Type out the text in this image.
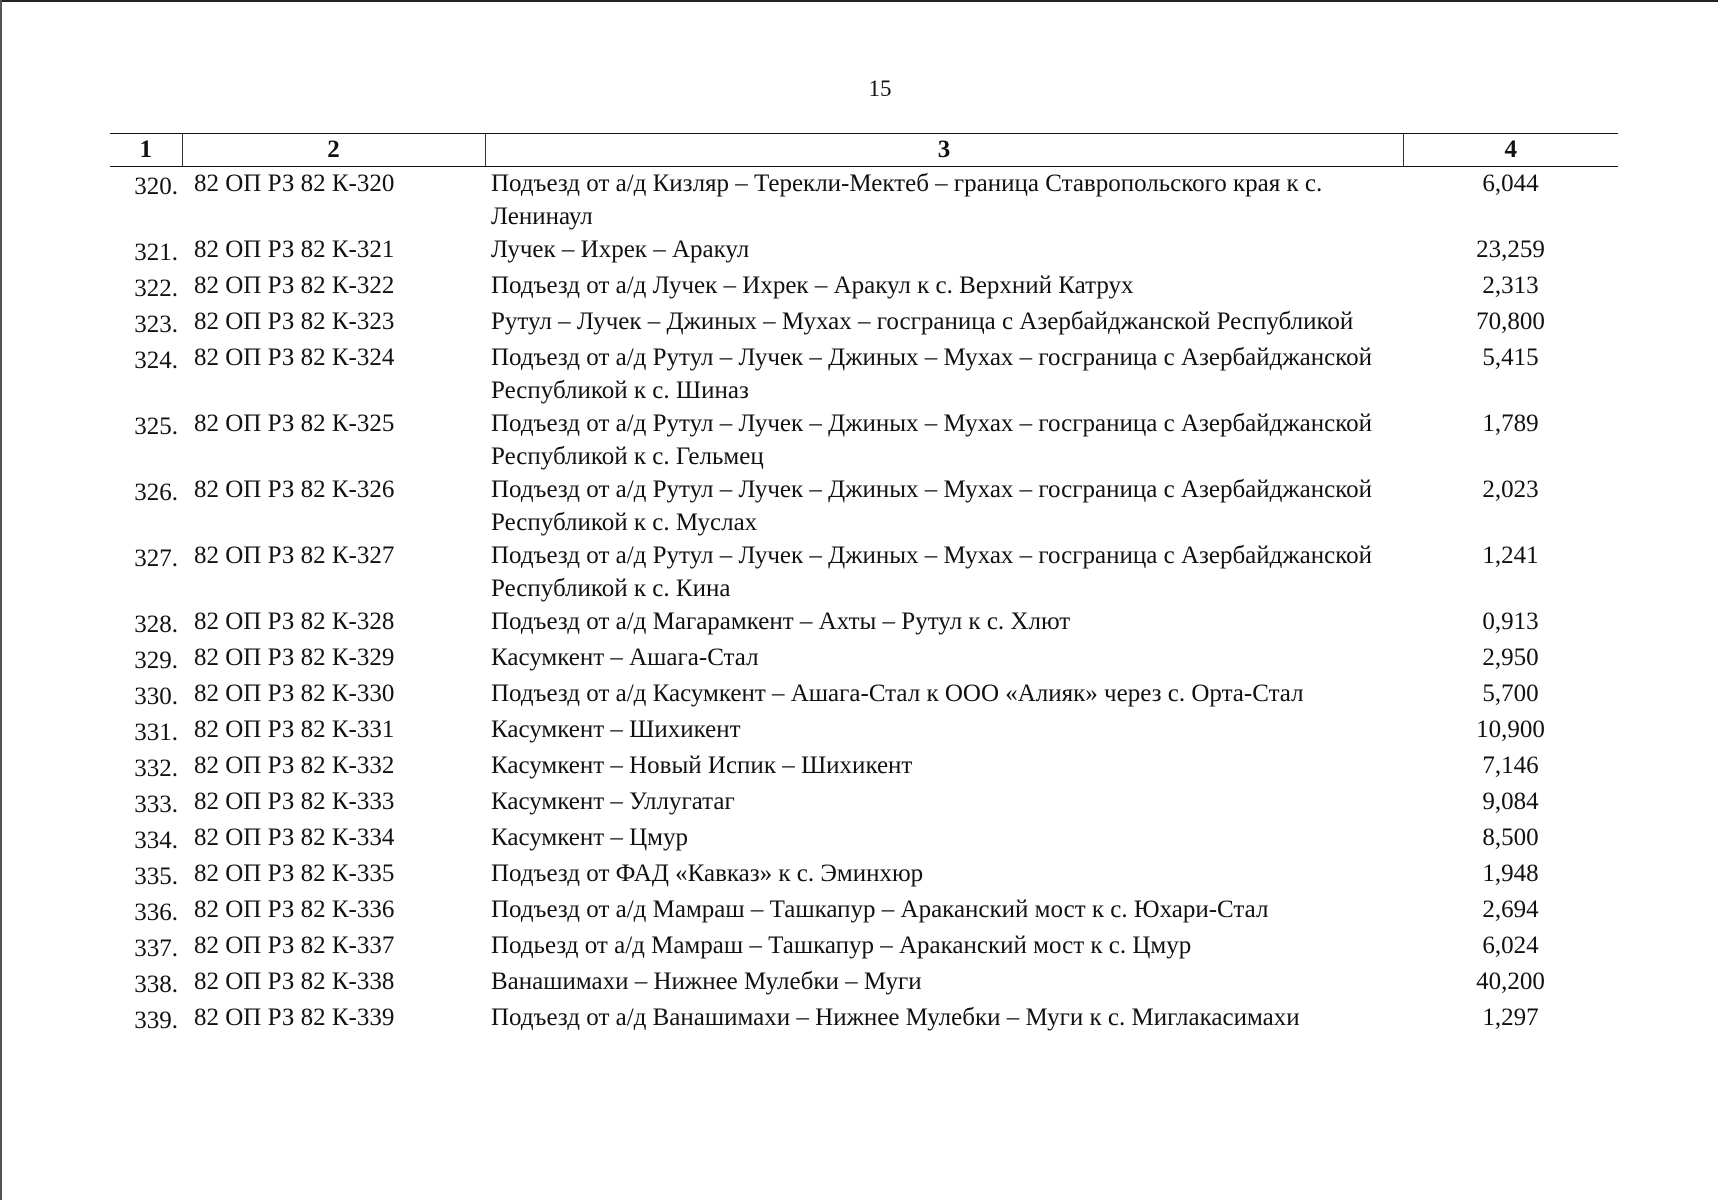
15
1	2	3	4
320.	82 ОП РЗ 82 К-320	Подъезд от а/д Кизляр – Терекли-Мектеб – граница Ставропольского края к с. Ленинаул	6,044
321.	82 ОП РЗ 82 К-321	Лучек – Ихрек – Аракул	23,259
322.	82 ОП РЗ 82 К-322	Подъезд от а/д Лучек – Ихрек – Аракул к с. Верхний Катрух	2,313
323.	82 ОП РЗ 82 К-323	Рутул – Лучек – Джиных – Мухах – госграница с Азербайджанской Республикой	70,800
324.	82 ОП РЗ 82 К-324	Подъезд от а/д Рутул – Лучек – Джиных – Мухах – госграница с Азербайджанской Республикой к с. Шиназ	5,415
325.	82 ОП РЗ 82 К-325	Подъезд от а/д Рутул – Лучек – Джиных – Мухах – госграница с Азербайджанской Республикой к с. Гельмец	1,789
326.	82 ОП РЗ 82 К-326	Подъезд от а/д Рутул – Лучек – Джиных – Мухах – госграница с Азербайджанской Республикой к с. Муслах	2,023
327.	82 ОП РЗ 82 К-327	Подъезд от а/д Рутул – Лучек – Джиных – Мухах – госграница с Азербайджанской Республикой к с. Кина	1,241
328.	82 ОП РЗ 82 К-328	Подъезд от а/д Магарамкент – Ахты – Рутул к с. Хлют	0,913
329.	82 ОП РЗ 82 К-329	Касумкент – Ашага-Стал	2,950
330.	82 ОП РЗ 82 К-330	Подъезд от а/д Касумкент – Ашага-Стал к ООО «Алияк» через с. Орта-Стал	5,700
331.	82 ОП РЗ 82 К-331	Касумкент – Шихикент	10,900
332.	82 ОП РЗ 82 К-332	Касумкент – Новый Испик – Шихикент	7,146
333.	82 ОП РЗ 82 К-333	Касумкент – Уллугатаг	9,084
334.	82 ОП РЗ 82 К-334	Касумкент – Цмур	8,500
335.	82 ОП РЗ 82 К-335	Подъезд от ФАД «Кавказ» к с. Эминхюр	1,948
336.	82 ОП РЗ 82 К-336	Подъезд от а/д Мамраш – Ташкапур – Араканский мост к с. Юхари-Стал	2,694
337.	82 ОП РЗ 82 К-337	Подьезд от а/д Мамраш – Ташкапур – Араканский мост к с. Цмур	6,024
338.	82 ОП РЗ 82 К-338	Ванашимахи – Нижнее Мулебки – Муги	40,200
339.	82 ОП РЗ 82 К-339	Подъезд от а/д Ванашимахи – Нижнее Мулебки – Муги к с. Миглакасимахи	1,297
